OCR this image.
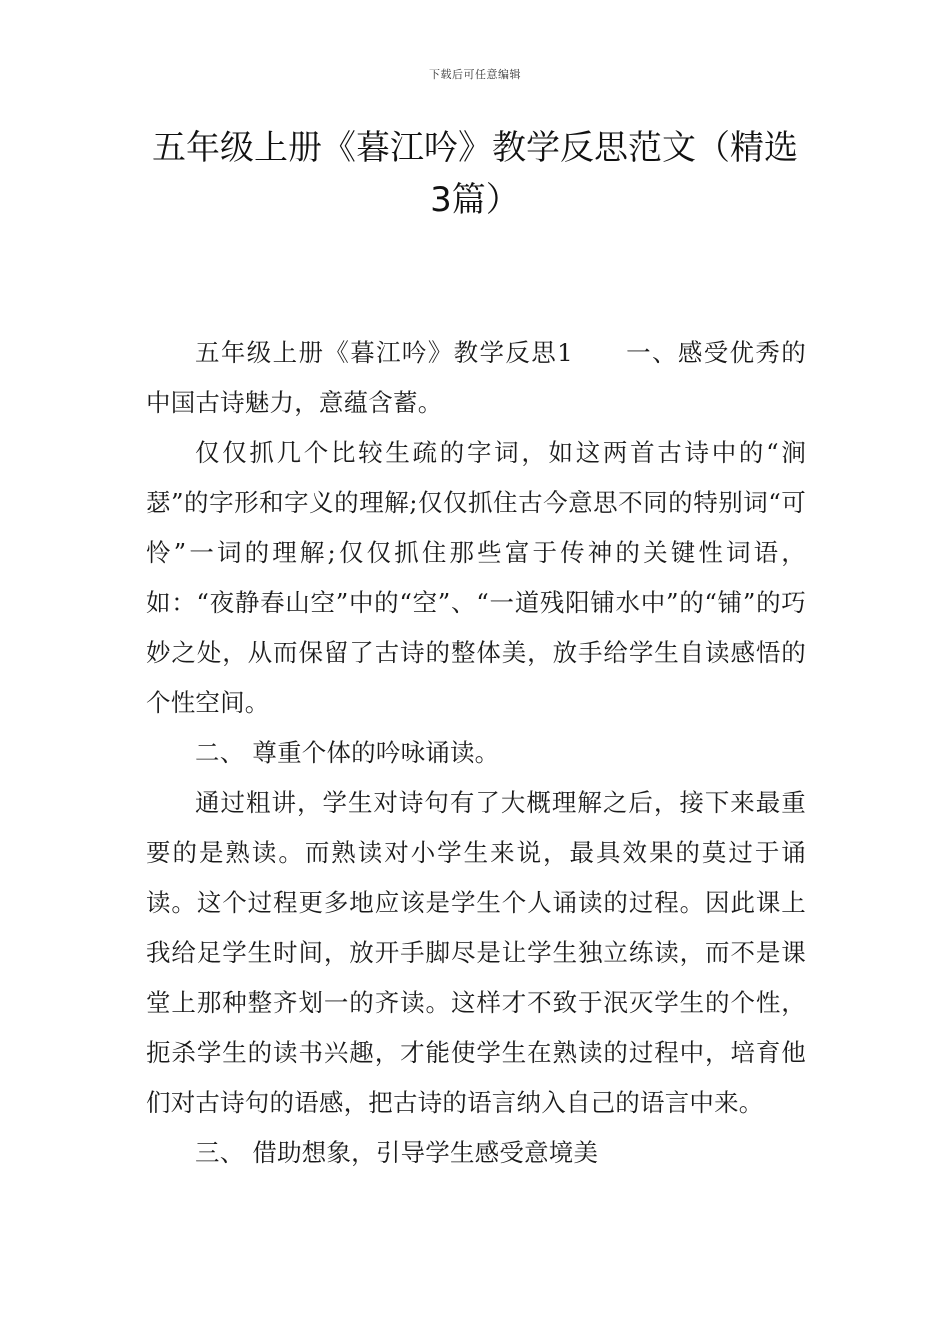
下载后可任意编辑
五年级上册《暮江吟》教学反思范文（精选3篇）

五年级上册《暮江吟》教学反思1 一、感受优秀的中国古诗魅力，意蕴含蓄。

仅仅抓几个比较生疏的字词，如这两首古诗中的“涧瑟”的字形和字义的理解;仅仅抓住古今意思不同的特别词“可怜”一词的理解;仅仅抓住那些富于传神的关键性词语，如：“夜静春山空”中的“空”、“一道残阳铺水中”的“铺”的巧妙之处，从而保留了古诗的整体美，放手给学生自读感悟的个性空间。

二、 尊重个体的吟咏诵读。

通过粗讲，学生对诗句有了大概理解之后，接下来最重要的是熟读。而熟读对小学生来说，最具效果的莫过于诵读。这个过程更多地应该是学生个人诵读的过程。因此课上我给足学生时间，放开手脚尽是让学生独立练读，而不是课堂上那种整齐划一的齐读。这样才不致于泯灭学生的个性，扼杀学生的读书兴趣，才能使学生在熟读的过程中，培育他们对古诗句的语感，把古诗的语言纳入自己的语言中来。

三、 借助想象，引导学生感受意境美
